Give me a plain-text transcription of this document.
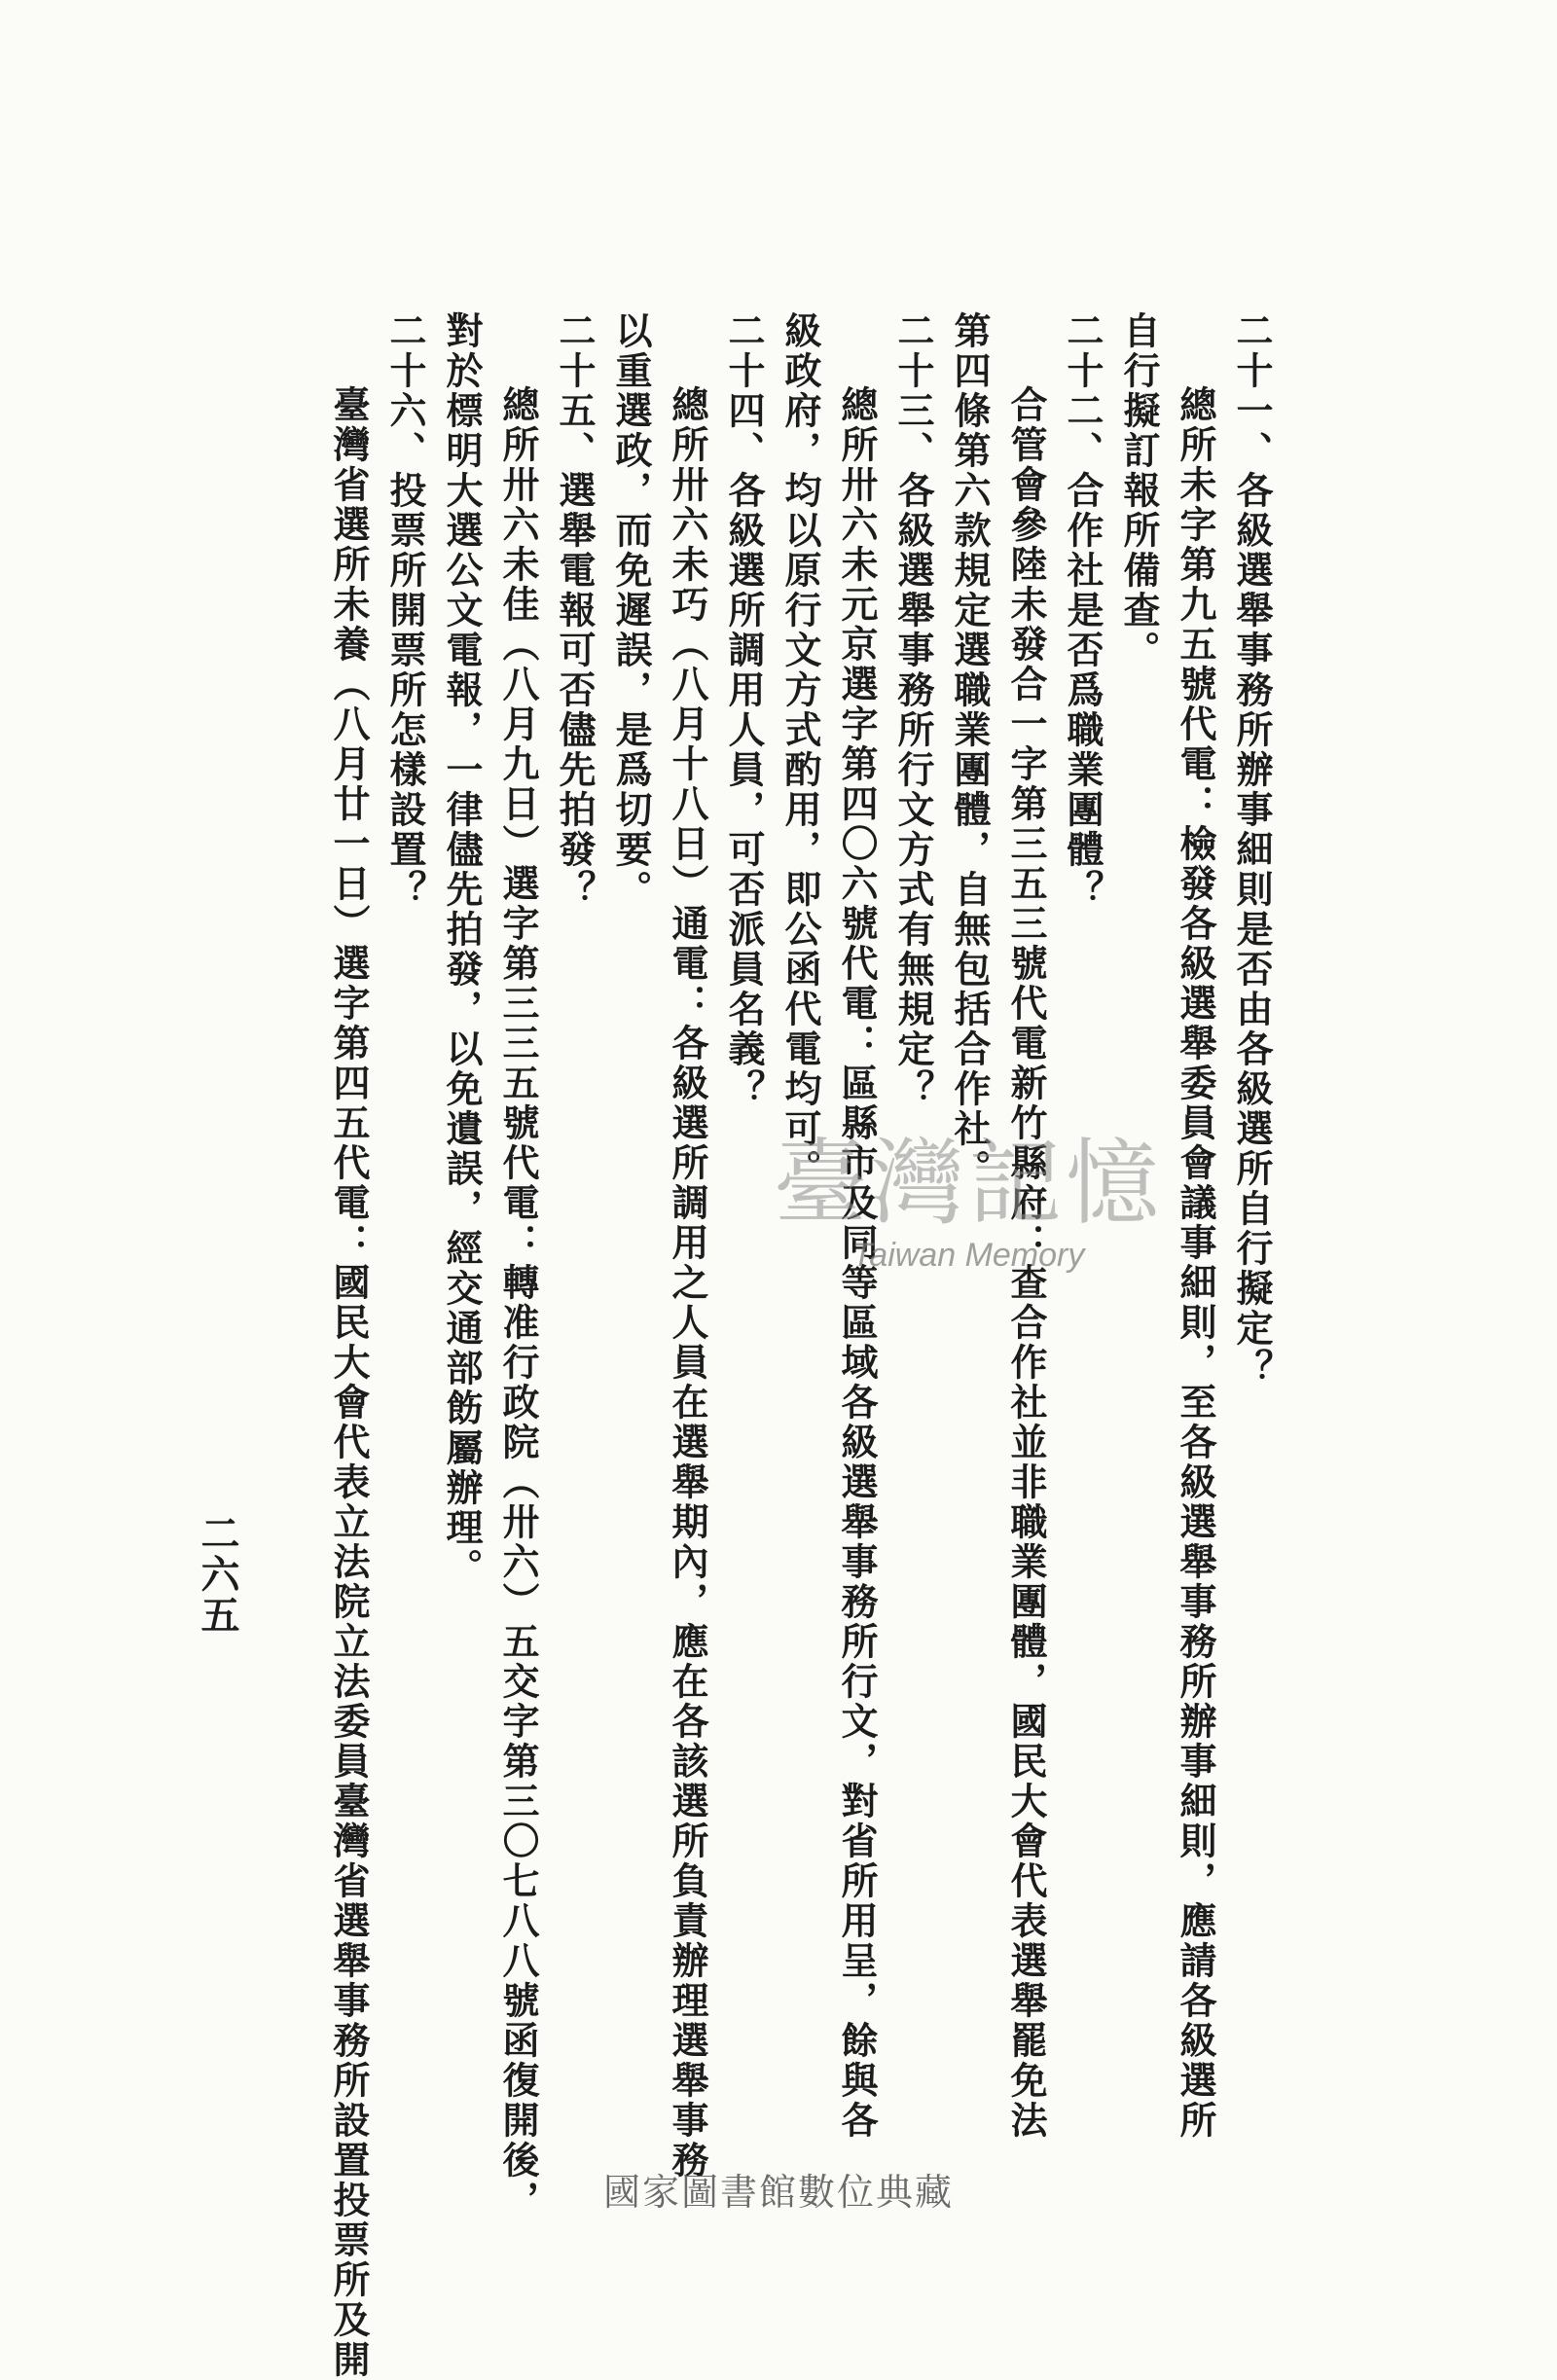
二十一、各級選舉事務所辦事細則是否由各級選所自行擬定？
總所未字第九五號代電：檢發各級選舉委員會議事細則，至各級選舉事務所辦事細則，應請各級選所
自行擬訂報所備查。
二十二、合作社是否爲職業團體？
合管會參陸未發合一字第三五三號代電新竹縣府：查合作社並非職業團體，國民大會代表選舉罷免法
第四條第六款規定選職業團體，自無包括合作社。
二十三、各級選舉事務所行文方式有無規定？
總所卅六未元京選字第四〇六號代電：區縣市及同等區域各級選舉事務所行文，對省所用呈，餘與各
級政府，均以原行文方式酌用，即公函代電均可。
二十四、各級選所調用人員，可否派員名義？
總所卅六未巧（八月十八日）通電：各級選所調用之人員在選舉期內，應在各該選所負責辦理選舉事務
以重選政，而免遲誤，是爲切要。
二十五、選舉電報可否儘先拍發？
總所卅六未佳（八月九日）選字第三三五號代電：轉准行政院（卅六）五交字第三〇七八八號函復開後，
對於標明大選公文電報，一律儘先拍發，以免遺誤，經交通部飭屬辦理。
二十六、投票所開票所怎樣設置？
臺灣省選所未養（八月廿一日）選字第四五代電：國民大會代表立法院立法委員臺灣省選舉事務所設置投票所及開
二六五
臺灣記憶
Taiwan Memory
國家圖書館數位典藏
